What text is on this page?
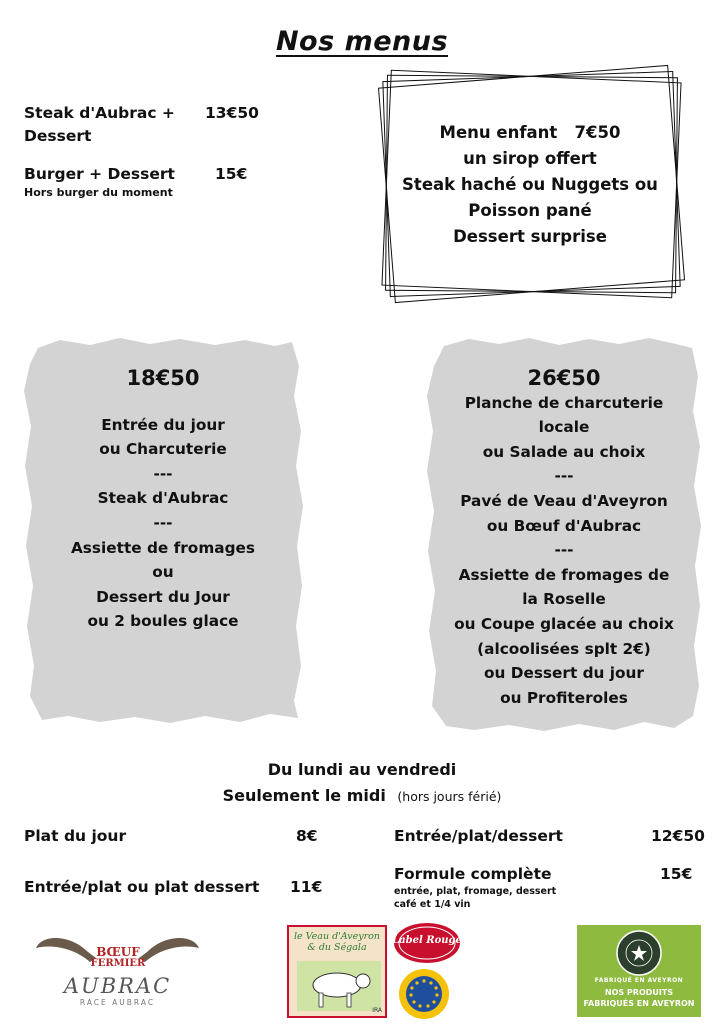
Nos menus
Steak d'Aubrac +
Dessert
13€50
Burger + Dessert	15€
Hors burger du moment
Menu enfant   7€50
un sirop offert
Steak haché ou Nuggets ou
Poisson pané
Dessert surprise
18€50
Entrée du jour
ou Charcuterie
---
Steak d'Aubrac
---
Assiette de fromages
ou
Dessert du Jour
ou 2 boules glace
26€50
Planche de charcuterie
locale
ou Salade au choix
---
Pavé de Veau d'Aveyron
ou Bœuf d'Aubrac
---
Assiette de fromages de
la Roselle
ou Coupe glacée au choix
(alcoolisées splt 2€)
ou Dessert du jour
ou Profiteroles
Du lundi au vendredi
Seulement le midi (hors jours férié)
Plat du jour	8€
Entrée/plat ou plat dessert 11€
Entrée/plat/dessert	12€50
Formule complète	15€
entrée, plat, fromage, dessert
café et 1/4 vin
BŒUF
FERMIER
AUBRAC
RACE AUBRAC
le Veau d'Aveyron
& du Ségala
IRA
Label Rouge
FABRIQUÉ EN AVEYRON
NOS PRODUITS
FABRIQUÉS EN AVEYRON
